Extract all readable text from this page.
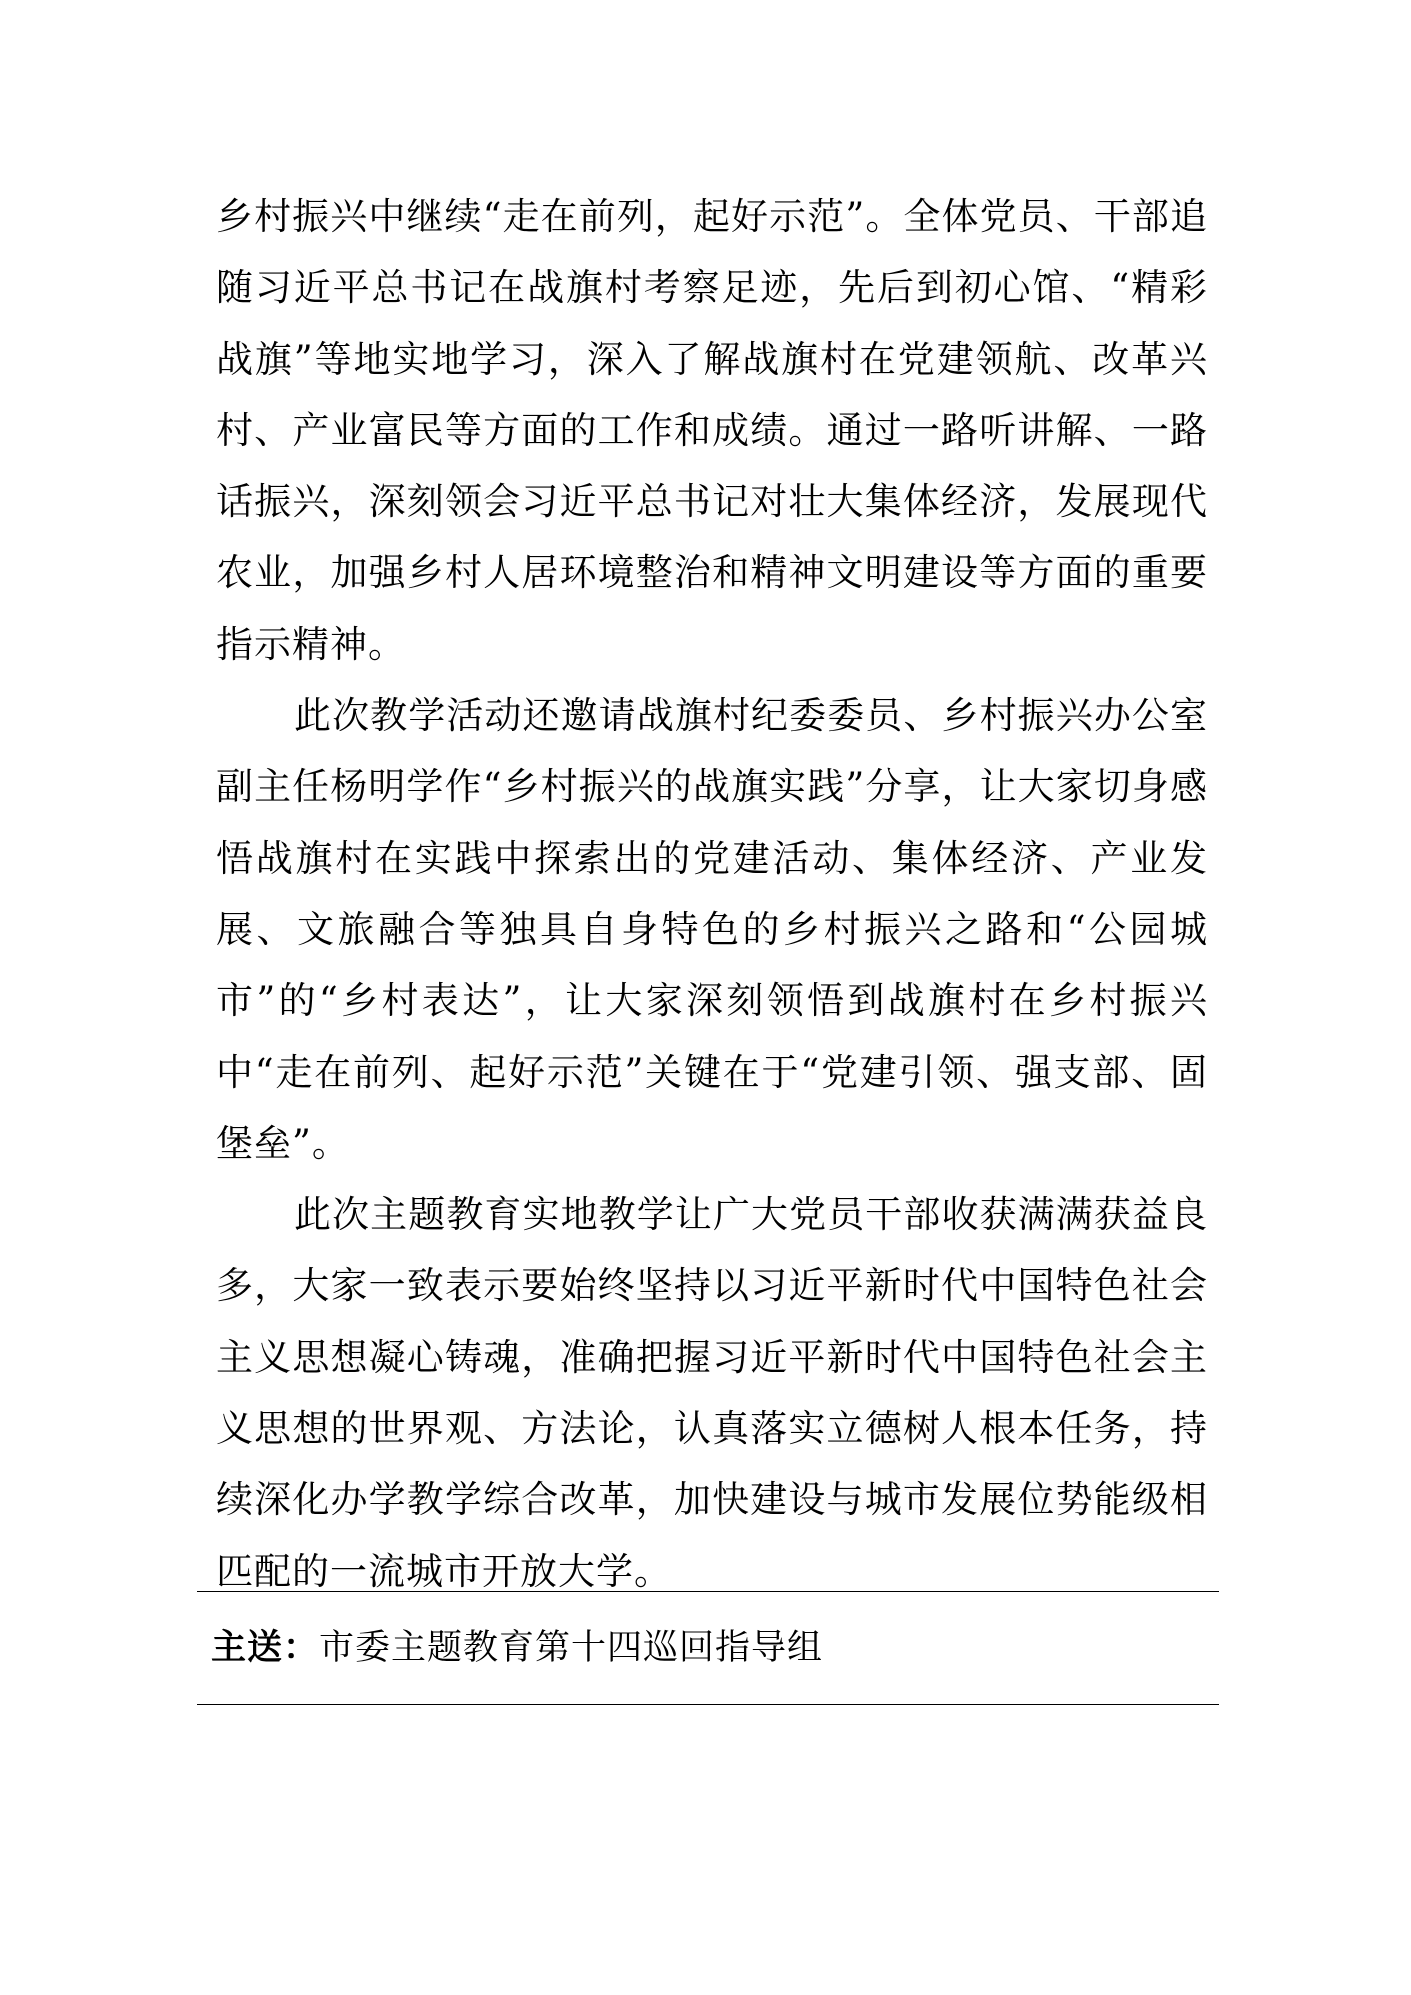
乡村振兴中继续“走在前列，起好示范”。全体党员、干部追随习近平总书记在战旗村考察足迹，先后到初心馆、“精彩战旗”等地实地学习，深入了解战旗村在党建领航、改革兴村、产业富民等方面的工作和成绩。通过一路听讲解、一路话振兴，深刻领会习近平总书记对壮大集体经济，发展现代农业，加强乡村人居环境整治和精神文明建设等方面的重要指示精神。

此次教学活动还邀请战旗村纪委委员、乡村振兴办公室副主任杨明学作“乡村振兴的战旗实践”分享，让大家切身感悟战旗村在实践中探索出的党建活动、集体经济、产业发展、文旅融合等独具自身特色的乡村振兴之路和“公园城市”的“乡村表达”，让大家深刻领悟到战旗村在乡村振兴中“走在前列、起好示范”关键在于“党建引领、强支部、固堡垒”。

此次主题教育实地教学让广大党员干部收获满满获益良多，大家一致表示要始终坚持以习近平新时代中国特色社会主义思想凝心铸魂，准确把握习近平新时代中国特色社会主义思想的世界观、方法论，认真落实立德树人根本任务，持续深化办学教学综合改革，加快建设与城市发展位势能级相匹配的一流城市开放大学。

主送：市委主题教育第十四巡回指导组
